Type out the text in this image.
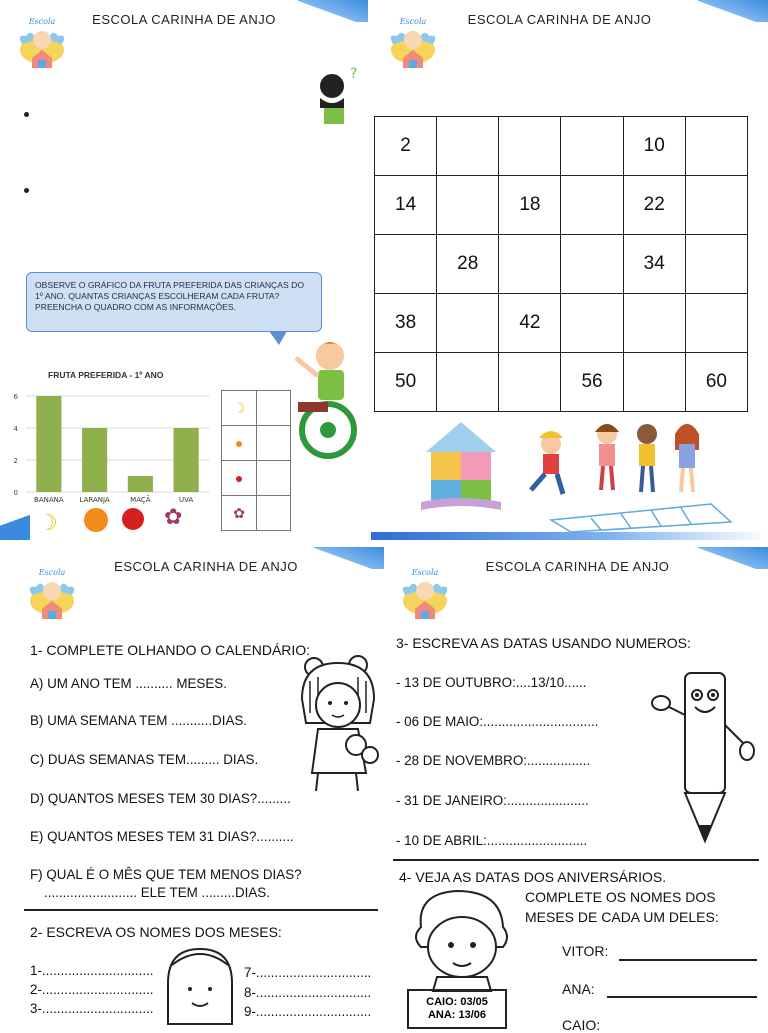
Escola	ESCOLA CARINHA DE ANJO
?
OBSERVE O GRÁFICO DA FRUTA PREFERIDA DAS CRIANÇAS DO 1º ANO. QUANTAS CRIANÇAS ESCOLHERAM CADA FRUTA? PREENCHA O QUADRO COM AS INFORMAÇÕES.
FRUTA PREFERIDA - 1º ANO
0
2
4
6
BANANA LARANJA	MAÇÃ	UVA
☽	
●	
●	
✿	
☽	✿
Escola	ESCOLA CARINHA DE ANJO
2				10	
14		18		22	
	28			34	
38		42			
50			56		60
Escola	ESCOLA CARINHA DE ANJO
1- COMPLETE OLHANDO O CALENDÁRIO:
A) UM ANO TEM .......... MESES.
B) UMA SEMANA TEM ...........DIAS.
C) DUAS SEMANAS TEM......... DIAS.
D) QUANTOS MESES TEM 30 DIAS?.........
E) QUANTOS MESES TEM 31 DIAS?..........
F) QUAL É O MÊS QUE TEM MENOS DIAS?
......................... ELE TEM .........DIAS.
2- ESCREVA OS NOMES DOS MESES:
1-..............................
2-..............................
3-..............................
7-...............................
8-...............................
9-...............................
Escola	ESCOLA CARINHA DE ANJO
3- ESCREVA AS DATAS USANDO NUMEROS:
- 13 DE OUTUBRO:....13/10......
- 06 DE MAIO:...............................
- 28 DE NOVEMBRO:.................
- 31 DE JANEIRO:......................
- 10 DE ABRIL:...........................
4- VEJA AS DATAS DOS ANIVERSÁRIOS.
COMPLETE OS NOMES DOS
MESES DE CADA UM DELES:
CAIO: 03/05
ANA: 13/06
VITOR:
ANA:
CAIO:
